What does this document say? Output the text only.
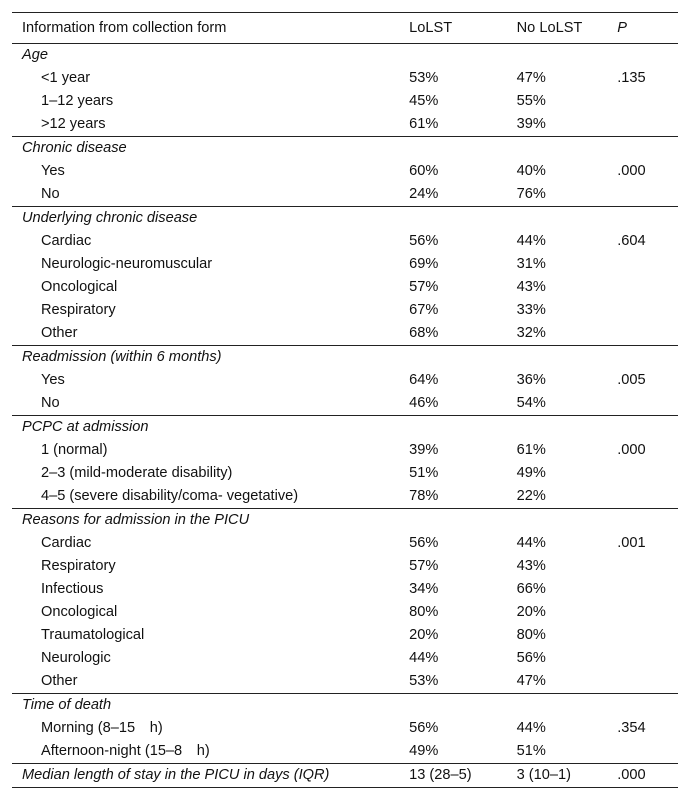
Information from collection form	LoLST	No LoLST	P
Age			
<1 year	53%	47%	.135
1–12 years	45%	55%	
>12 years	61%	39%	
Chronic disease			
Yes	60%	40%	.000
No	24%	76%	
Underlying chronic disease			
Cardiac	56%	44%	.604
Neurologic-neuromuscular	69%	31%	
Oncological	57%	43%	
Respiratory	67%	33%	
Other	68%	32%	
Readmission (within 6 months)			
Yes	64%	36%	.005
No	46%	54%	
PCPC at admission			
1 (normal)	39%	61%	.000
2–3 (mild-moderate disability)	51%	49%	
4–5 (severe disability/coma- vegetative)	78%	22%	
Reasons for admission in the PICU			
Cardiac	56%	44%	.001
Respiratory	57%	43%	
Infectious	34%	66%	
Oncological	80%	20%	
Traumatological	20%	80%	
Neurologic	44%	56%	
Other	53%	47%	
Time of death			
Morning (8–15 h)	56%	44%	.354
Afternoon-night (15–8 h)	49%	51%	
Median length of stay in the PICU in days (IQR)	13 (28–5)	3 (10–1)	.000
